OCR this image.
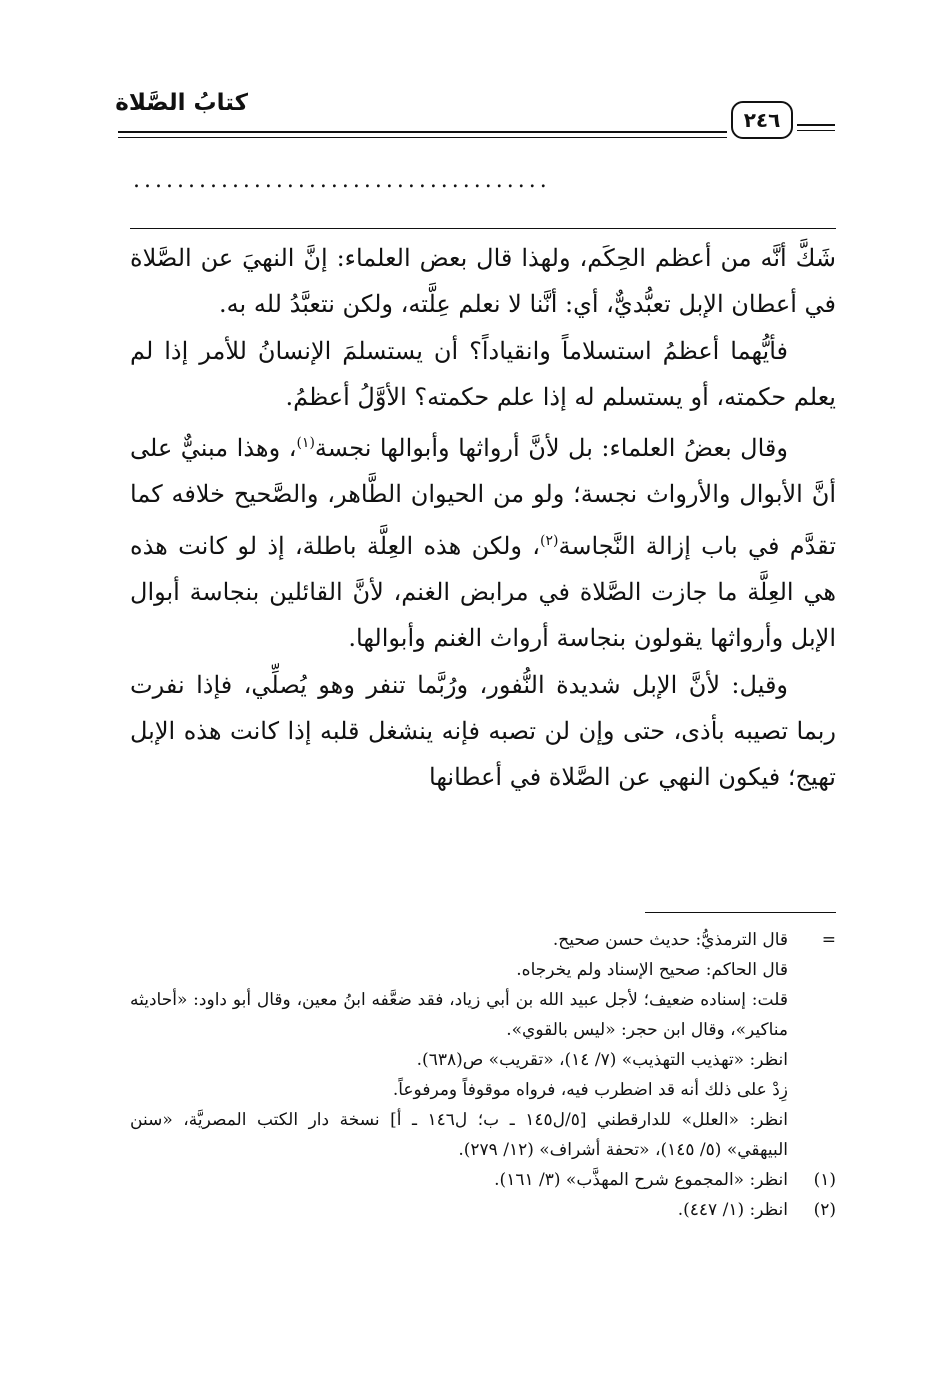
كتابُ الصَّلاة
٢٤٦
......................................

شَكَّ أنَّه من أعظم الحِكَم، ولهذا قال بعض العلماء: إنَّ النهيَ عن الصَّلاة في أعطان الإبل تعبُّديٌّ، أي: أنَّنا لا نعلم عِلَّته، ولكن نتعبَّدُ لله به.

فأيُّهما أعظمُ استسلاماً وانقياداً؟ أن يستسلمَ الإنسانُ للأمر إذا لم يعلم حكمته، أو يستسلم له إذا علم حكمته؟ الأوَّلُ أعظمُ.

وقال بعضُ العلماء: بل لأنَّ أرواثها وأبوالها نجسة$^{(١)}$، وهذا مبنيٌّ على أنَّ الأبوال والأرواث نجسة؛ ولو من الحيوان الطَّاهر، والصَّحيح خلافه كما تقدَّم في باب إزالة النَّجاسة$^{(٢)}$، ولكن هذه العِلَّة باطلة، إذ لو كانت هذه هي العِلَّة ما جازت الصَّلاة في مرابض الغنم، لأنَّ القائلين بنجاسة أبوال الإبل وأرواثها يقولون بنجاسة أرواث الغنم وأبوالها.

وقيل: لأنَّ الإبل شديدة النُّفور، ورُبَّما تنفر وهو يُصلِّي، فإذا نفرت ربما تصيبه بأذى، حتى وإن لن تصبه فإنه ينشغل قلبه إذا كانت هذه الإبل تهيج؛ فيكون النهي عن الصَّلاة في أعطانها

=
قال الترمذيُّ: حديث حسن صحيح.
قال الحاكم: صحيح الإسناد ولم يخرجاه.
قلت: إسناده ضعيف؛ لأجل عبيد الله بن أبي زياد، فقد ضعَّفه ابنُ معين، وقال أبو داود: «أحاديثه مناكير»، وقال ابن حجر: «ليس بالقوي».
انظر: «تهذيب التهذيب» (٧/ ١٤)، «تقريب» ص(٦٣٨).
زِدْ على ذلك أنه قد اضطرب فيه، فرواه موقوفاً ومرفوعاً.
انظر: «العلل» للدارقطني [٥/ل١٤٥ ـ ب؛ ل١٤٦ ـ أ] نسخة دار الكتب المصريَّة، «سنن البيهقي» (٥/ ١٤٥)، «تحفة أشراف» (١٢/ ٢٧٩).
(١)
انظر: «المجموع شرح المهذَّب» (٣/ ١٦١).
(٢)
انظر: (١/ ٤٤٧).
